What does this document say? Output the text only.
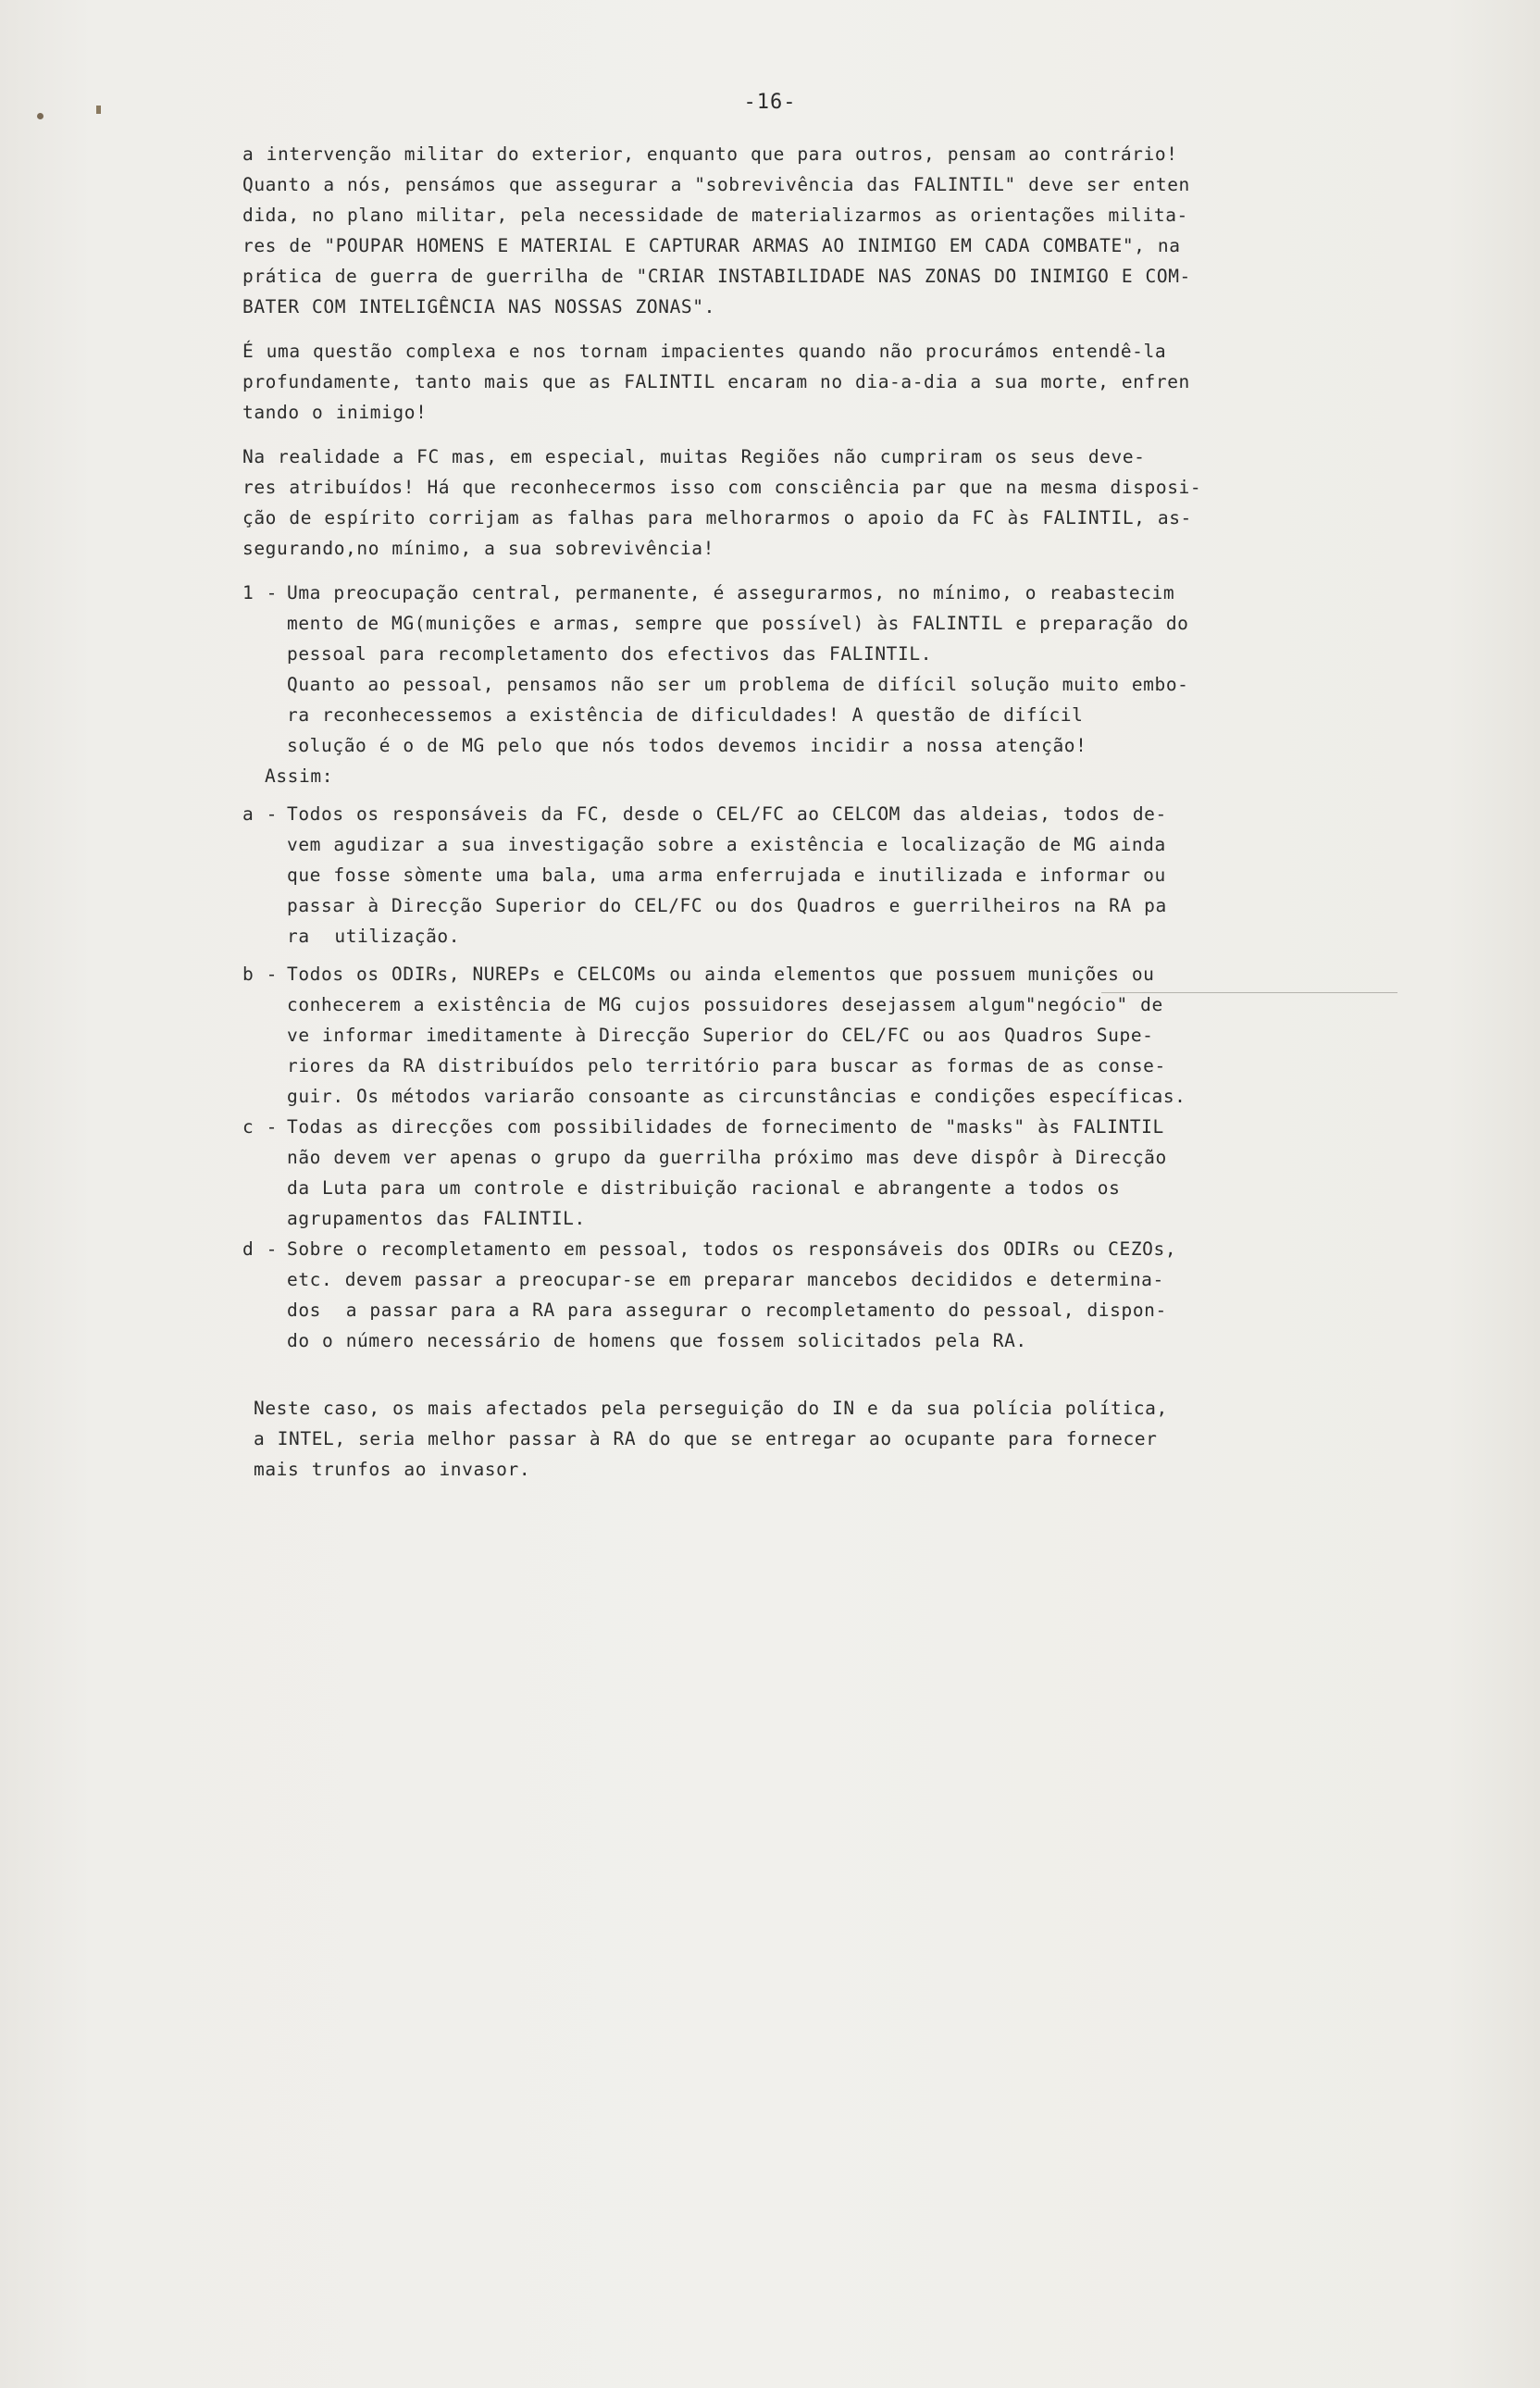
-16-
a intervenção militar do exterior, enquanto que para outros, pensam ao contrário!
Quanto a nós, pensámos que assegurar a "sobrevivência das FALINTIL" deve ser enten
dida, no plano militar, pela necessidade de materializarmos as orientações milita-
res de "POUPAR HOMENS E MATERIAL E CAPTURAR ARMAS AO INIMIGO EM CADA COMBATE", na
prática de guerra de guerrilha de "CRIAR INSTABILIDADE NAS ZONAS DO INIMIGO E COM-
BATER COM INTELIGÊNCIA NAS NOSSAS ZONAS".
É uma questão complexa e nos tornam impacientes quando não procurámos entendê-la
profundamente, tanto mais que as FALINTIL encaram no dia-a-dia a sua morte, enfren
tando o inimigo!
Na realidade a FC mas, em especial, muitas Regiões não cumpriram os seus deve-
res atribuídos! Há que reconhecermos isso com consciência par que na mesma disposi-
ção de espírito corrijam as falhas para melhorarmos o apoio da FC às FALINTIL, as-
segurando,no mínimo, a sua sobrevivência!
1 - Uma preocupação central, permanente, é assegurarmos, no mínimo, o reabastecim
mento de MG(munições e armas, sempre que possível) às FALINTIL e preparação do
pessoal para recompletamento dos efectivos das FALINTIL.
Quanto ao pessoal, pensamos não ser um problema de difícil solução muito embo-
ra reconhecessemos a existência de dificuldades! A questão de difícil
solução é o de MG pelo que nós todos devemos incidir a nossa atenção!
Assim:
a - Todos os responsáveis da FC, desde o CEL/FC ao CELCOM das aldeias, todos de-
vem agudizar a sua investigação sobre a existência e localização de MG ainda
que fosse sòmente uma bala, uma arma enferrujada e inutilizada e informar ou
passar à Direcção Superior do CEL/FC ou dos Quadros e guerrilheiros na RA pa
ra  utilização.
b - Todos os ODIRs, NUREPs e CELCOMs ou ainda elementos que possuem munições ou
conhecerem a existência de MG cujos possuidores desejassem algum"negócio" de
ve informar imeditamente à Direcção Superior do CEL/FC ou aos Quadros Supe-
riores da RA distribuídos pelo território para buscar as formas de as conse-
guir. Os métodos variarão consoante as circunstâncias e condições específicas.
c - Todas as direcções com possibilidades de fornecimento de "masks" às FALINTIL
não devem ver apenas o grupo da guerrilha próximo mas deve dispôr à Direcção
da Luta para um controle e distribuição racional e abrangente a todos os
agrupamentos das FALINTIL.
d - Sobre o recompletamento em pessoal, todos os responsáveis dos ODIRs ou CEZOs,
etc. devem passar a preocupar-se em preparar mancebos decididos e determina-
dos  a passar para a RA para assegurar o recompletamento do pessoal, dispon-
do o número necessário de homens que fossem solicitados pela RA.
Neste caso, os mais afectados pela perseguição do IN e da sua polícia política,
a INTEL, seria melhor passar à RA do que se entregar ao ocupante para fornecer
mais trunfos ao invasor.
